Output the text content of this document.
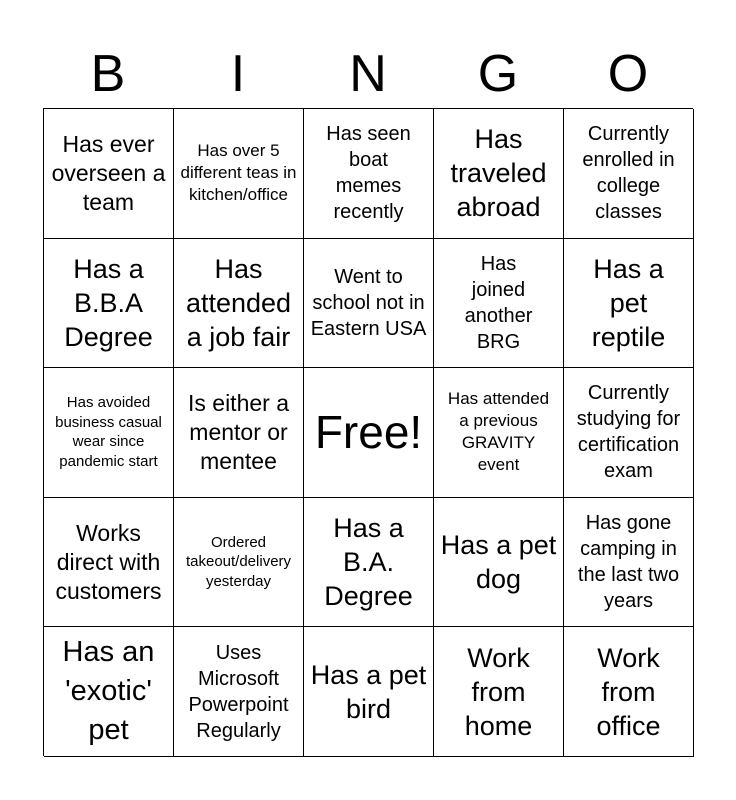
B	I	N	G	O
Has ever overseen a team
Has over 5 different teas in kitchen/office
Has seen boat memes recently
Has traveled abroad
Currently enrolled in college classes
Has a B.B.A Degree
Has attended a job fair
Went to school not in Eastern USA
Has joined another BRG
Has a pet reptile
Has avoided business casual wear since pandemic start
Is either a mentor or mentee
Free!
Has attended a previous GRAVITY event
Currently studying for certification exam
Works direct with customers
Ordered takeout/delivery yesterday
Has a B.A. Degree
Has a pet dog
Has gone camping in the last two years
Has an 'exotic' pet
Uses Microsoft Powerpoint Regularly
Has a pet bird
Work from home
Work from office
